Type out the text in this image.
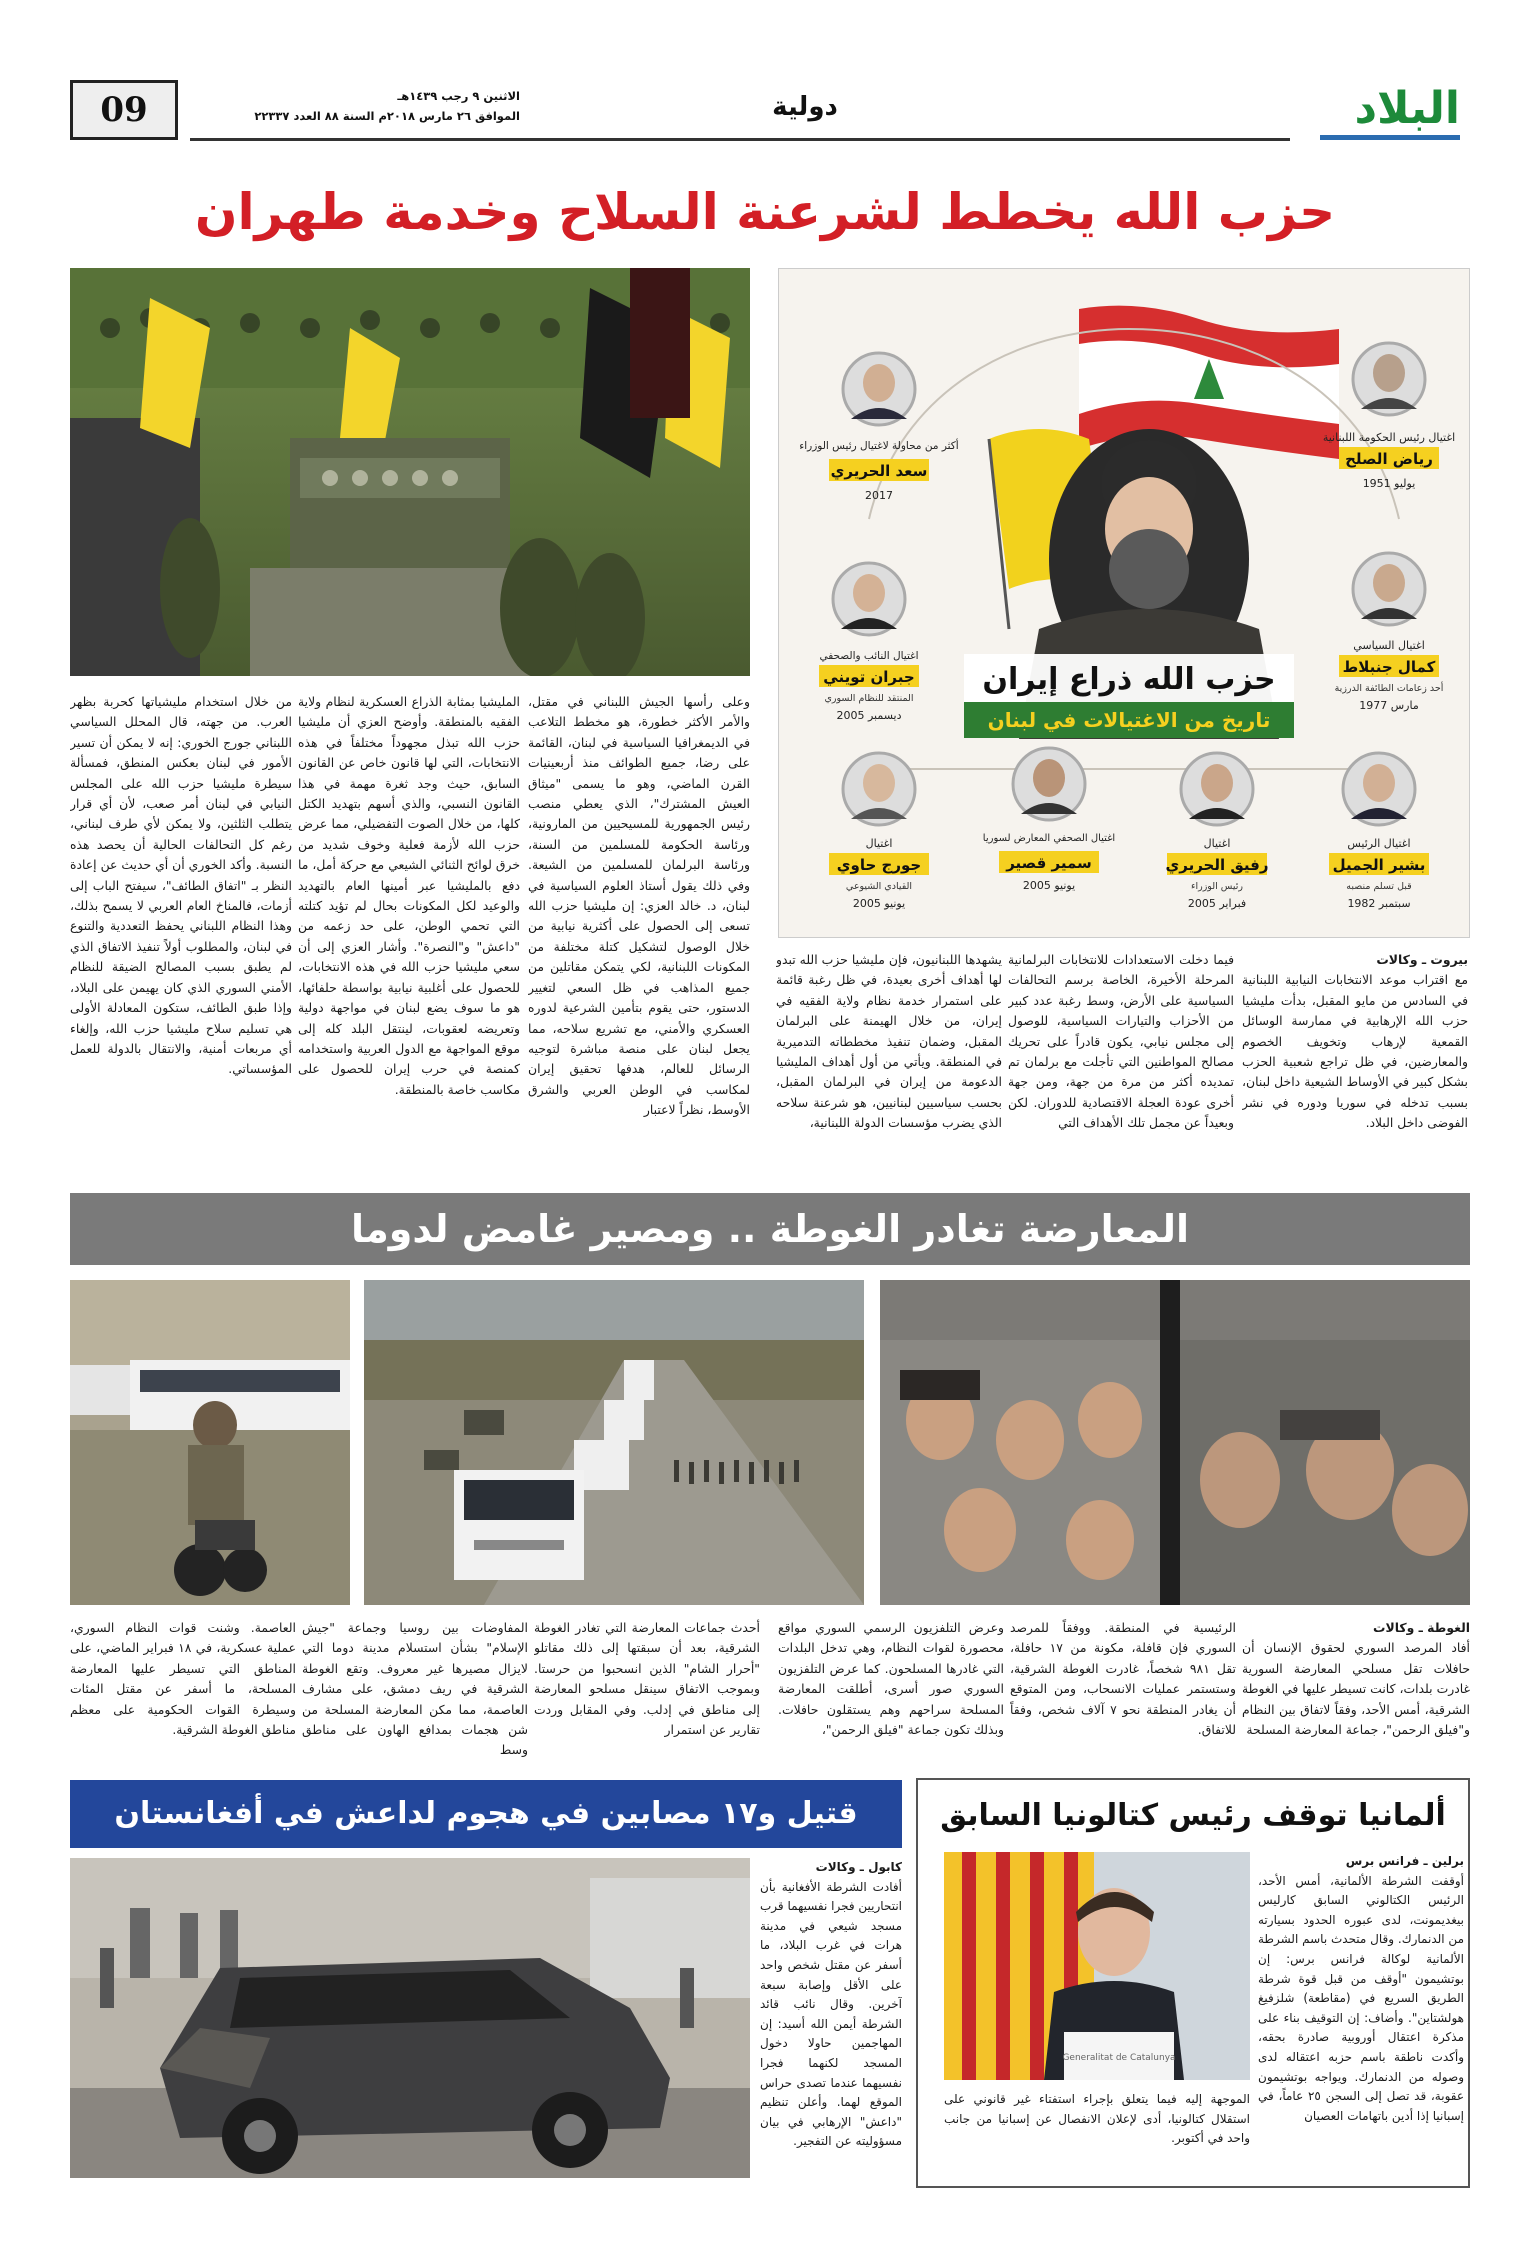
البلاد
دولية
الاثنين ٩ رجب ١٤٣٩هـ
الموافق ٢٦ مارس ٢٠١٨م السنة ٨٨ العدد ٢٢٣٣٧
09
حزب الله يخطط لشرعنة السلاح وخدمة طهران
حزب الله ذراع إيران
تاريخ من الاغتيالات في لبنان
اغتيال رئيس الحكومة اللبنانية
رياض الصلح
يوليو 1951
اغتيال السياسي
كمال جنبلاط
أحد زعامات الطائفة الدرزية
مارس 1977
اغتيال الرئيس
بشير الجميل
قبل تسلم منصبه
سبتمبر 1982
اغتيال
رفيق الحريري
رئيس الوزراء
فبراير 2005
اغتيال الصحفي المعارض لسوريا
سمير قصير
يونيو 2005
اغتيال
جورج حاوي
القيادي الشيوعي
يونيو 2005
اغتيال النائب والصحفي
جبران تويني
المنتقد للنظام السوري
ديسمبر 2005
أكثر من محاولة لاغتيال رئيس الوزراء
سعد الحريري
2017
بيروت ـ وكالات
مع اقتراب موعد الانتخابات النيابية اللبنانية في السادس من مايو المقبل، بدأت مليشيا حزب الله الإرهابية في ممارسة الوسائل القمعية لإرهاب وتخويف الخصوم والمعارضين، في ظل تراجع شعبية الحزب بشكل كبير في الأوساط الشيعية داخل لبنان، بسبب تدخله في سوريا ودوره في نشر الفوضى داخل البلاد.
فيما دخلت الاستعدادات للانتخابات البرلمانية المرحلة الأخيرة، الخاصة برسم التحالفات السياسية على الأرض، وسط رغبة عدد كبير من الأحزاب والتيارات السياسية، للوصول إلى مجلس نيابي، يكون قادراً على تحريك مصالح المواطنين التي تأجلت مع برلمان تم تمديده أكثر من مرة من جهة، ومن جهة أخرى عودة العجلة الاقتصادية للدوران. لكن وبعيداً عن مجمل تلك الأهداف التي
يشهدها اللبنانيون، فإن مليشيا حزب الله تبدو لها أهداف أخرى بعيدة، في ظل رغبة قائمة على استمرار خدمة نظام ولاية الفقيه في إيران، من خلال الهيمنة على البرلمان المقبل، وضمان تنفيذ مخططاته التدميرية في المنطقة. ويأتي من أول أهداف المليشيا الدعومة من إيران في البرلمان المقبل، بحسب سياسيين لبنانيين، هو شرعنة سلاحه الذي يضرب مؤسسات الدولة اللبنانية،
وعلى رأسها الجيش اللبناني في مقتل، والأمر الأكثر خطورة، هو مخطط التلاعب في الديمغرافيا السياسية في لبنان، القائمة على رضا، جميع الطوائف منذ أربعينيات القرن الماضي، وهو ما يسمى "ميثاق العيش المشترك"، الذي يعطي منصب رئيس الجمهورية للمسيحيين من المارونية، ورئاسة الحكومة للمسلمين من السنة، ورئاسة البرلمان للمسلمين من الشيعة. وفي ذلك يقول أستاذ العلوم السياسية في لبنان، د. خالد العزي: إن مليشيا حزب الله تسعى إلى الحصول على أكثرية نيابية من خلال الوصول لتشكيل كتلة مختلفة من المكونات اللبنانية، لكي يتمكن مقاتلين من جميع المذاهب في ظل السعي لتغيير الدستور، حتى يقوم بتأمين الشرعية لدوره العسكري والأمني، مع تشريع سلاحه، مما يجعل لبنان على منصة مباشرة لتوجيه الرسائل للعالم، هدفها تحقيق إيران لمكاسب في الوطن العربي والشرق الأوسط، نظراً لاعتبار
المليشيا بمثابة الذراع العسكرية لنظام ولاية الفقيه بالمنطقة. وأوضح العزي أن مليشيا حزب الله تبذل مجهوداً مختلفاً في هذه الانتخابات، التي لها قانون خاص عن القانون السابق، حيث وجد ثغرة مهمة في هذا القانون النسبي، والذي أسهم بتهديد الكتل كلها، من خلال الصوت التفضيلي، مما عرض حزب الله لأزمة فعلية وخوف شديد من خرق لوائح الثنائي الشيعي مع حركة أمل، ما دفع بالمليشيا عبر أمينها العام بالتهديد والوعيد لكل المكونات بحال لم تؤيد كتلته التي تحمي الوطن، على حد زعمه من "داعش" و"النصرة". وأشار العزي إلى أن سعي مليشيا حزب الله في هذه الانتخابات، للحصول على أغلبية نيابية بواسطة حلفائها، هو ما سوف يضع لبنان في مواجهة دولية وتعريضه لعقوبات، لينتقل البلد كله إلى موقع المواجهة مع الدول العربية واستخدامه كمنصة في حرب إيران للحصول على مكاسب خاصة بالمنطقة.
من خلال استخدام مليشياتها كحربة بظهر العرب. من جهته، قال المحلل السياسي اللبناني جورج الخوري: إنه لا يمكن أن تسير الأمور في لبنان بعكس المنطق، فمسألة سيطرة مليشيا حزب الله على المجلس النيابي في لبنان أمر صعب، لأن أي قرار يتطلب الثلثين، ولا يمكن لأي طرف لبناني، رغم كل التحالفات الحالية أن يحصد هذه النسبة. وأكد الخوري أن أي حديث عن إعادة النظر بـ "اتفاق الطائف"، سيفتح الباب إلى أزمات، فالمناخ العام العربي لا يسمح بذلك، وهذا النظام اللبناني يحفظ التعددية والتنوع في لبنان، والمطلوب أولاً تنفيذ الاتفاق الذي لم يطبق بسبب المصالح الضيقة للنظام الأمني السوري الذي كان يهيمن على البلاد، وإذا طبق الطائف، ستكون المعادلة الأولى هي تسليم سلاح مليشيا حزب الله، وإلغاء أي مربعات أمنية، والانتقال بالدولة للعمل المؤسساتي.
المعارضة تغادر الغوطة .. ومصير غامض لدوما
الغوطة ـ وكالات
أفاد المرصد السوري لحقوق الإنسان أن حافلات تقل مسلحي المعارضة السورية غادرت بلدات، كانت تسيطر عليها في الغوطة الشرقية، أمس الأحد، وفقاً لاتفاق بين النظام و"فيلق الرحمن"، جماعة المعارضة المسلحة
الرئيسية في المنطقة. ووفقاً للمرصد السوري فإن قافلة، مكونة من ١٧ حافلة، تقل ٩٨١ شخصاً، غادرت الغوطة الشرقية، وستستمر عمليات الانسحاب، ومن المتوقع أن يغادر المنطقة نحو ٧ آلاف شخص، وفقاً للاتفاق.
وعرض التلفزيون الرسمي السوري مواقع محصورة لقوات النظام، وهي تدخل البلدات التي غادرها المسلحون. كما عرض التلفزيون السوري صور أسرى، أطلقت المعارضة المسلحة سراحهم وهم يستقلون حافلات. وبذلك تكون جماعة "فيلق الرحمن"،
أحدث جماعات المعارضة التي تغادر الغوطة الشرقية، بعد أن سبقتها إلى ذلك مقاتلو "أحرار الشام" الذين انسحبوا من حرستا. وبموجب الاتفاق سينقل مسلحو المعارضة إلى مناطق في إدلب. وفي المقابل وردت تقارير عن استمرار
المفاوضات بين روسيا وجماعة "جيش الإسلام" بشأن استسلام مدينة دوما التي لايزال مصيرها غير معروف. وتقع الغوطة الشرقية في ريف دمشق، على مشارف العاصمة، مما مكن المعارضة المسلحة من شن هجمات بمدافع الهاون على مناطق وسط
العاصمة. وشنت قوات النظام السوري، عملية عسكرية، في ١٨ فبراير الماضي، على المناطق التي تسيطر عليها المعارضة المسلحة، ما أسفر عن مقتل المئات وسيطرة القوات الحكومية على معظم مناطق الغوطة الشرقية.
ألمانيا توقف رئيس كتالونيا السابق
برلين ـ فرانس برس
أوقفت الشرطة الألمانية، أمس الأحد، الرئيس الكتالوني السابق كارليس بيغديمونت، لدى عبوره الحدود بسيارته من الدنمارك. وقال متحدث باسم الشرطة الألمانية لوكالة فرانس برس: إن بوتشيمون "أوقف من قبل قوة شرطة الطريق السريع في (مقاطعة) شلزفيغ هولشتاين". وأضاف: إن التوقيف بناء على مذكرة اعتقال أوروبية صادرة بحقه، وأكدت ناطقة باسم حزبه اعتقاله لدى وصوله من الدنمارك. ويواجه بوتشيمون عقوبة، قد تصل إلى السجن ٢٥ عاماً، في إسبانيا إذا أدين باتهامات العصيان
Generalitat de Catalunya
الموجهة إليه فيما يتعلق بإجراء استفتاء غير قانوني على استقلال كتالونيا، أدى لإعلان الانفصال عن إسبانيا من جانب واحد في أكتوبر.
قتيل و١٧ مصابين في هجوم لداعش في أفغانستان
كابول ـ وكالات
أفادت الشرطة الأفغانية بأن انتحاريين فجرا نفسيهما قرب مسجد شيعي في مدينة هرات في غرب البلاد، ما أسفر عن مقتل شخص واحد على الأقل وإصابة سبعة آخرين. وقال نائب قائد الشرطة أيمن الله أسيد: إن المهاجمين حاولا دخول المسجد لكنهما فجرا نفسيهما عندما تصدى حراس الموقع لهما. وأعلن تنظيم "داعش" الإرهابي في بيان مسؤوليته عن التفجير.
